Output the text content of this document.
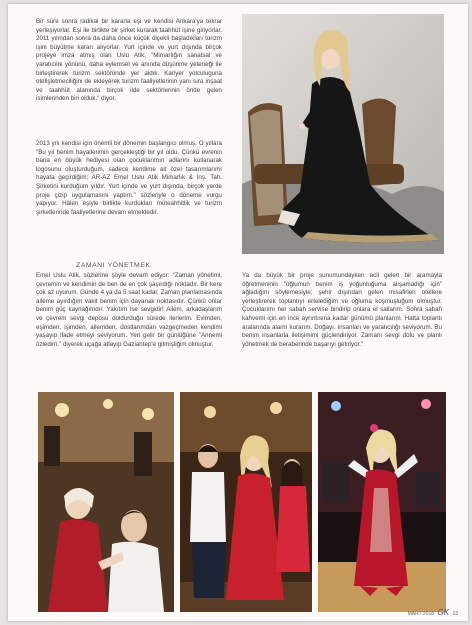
Bir süre sonra radikal bir kararla eşi ve kendisi Ankara'ya tekrar yerleşiyorlar. Eşi ile birlikte bir şirket kurarak taahhüt işine giriyorlar. 2011 yılından sonra da daha önce küçük ölçekli başladıkları turizm işini büyütme kararı alıyorlar. Yurt içinde ve yurt dışında birçok projeye imza atmış olan Uslu Atik, "Mimarlığın sanatsal ve yaratıcılık yönünü, daha eylemsel ve anında düşünme yeteneği ile birleştirerek turizm sektöründe yer aldık. Kariyer yolculuguna otelişletmeciliğini de ekleyerek turizm faaliyetlerinin yanı sıra inşaat ve taahhüt alanında birçok ilde sektörlerinin önde gelen isimlerinden biri olduk." diyor.

2013 yılı kendisi için önemli bir dönemin başlangıcı olmuş. O yıllara "Bu yıl benim hayallerimin gerçekleştiği bir yıl oldu. Çünkü evrenin bana en büyük hediyesi olan çocuklarımın adlarını kullanarak logosunu oluşturduğum, sadece kendime ait özel tasarımlarımı hayata geçirdiğim; AR-AZ Emel Uslu Atik Mimarlık & İnş. Tah. Şirketini kurduğum yıldır. Yurt içinde ve yurt dışında, birçok yerde proje çizip uygulamasını yaptım." sözleriyle o döneme vurgu yapıyor. Hâlen eşiyle birlikte kurdukları müteahhitlik ve turizm şirketlerinde faaliyetlerine devam etmektedir.

ZAMANI YÖNETMEK

Emel Uslu Atik, sözlerine şöyle devam ediyor: "Zaman yönetimi, çevremin ve kendimin de ben de en çok şaşırdığı noktadır. Bir kere çok az uyurum. Günde 4 ya da 5 saat kadar. Zaman planlamasında aileme ayırdığım vakit benim için dayanak noktasıdır. Çünkü onlar benim güç kaynağımdır. Yakıtım ise sevgidir! Ailem, arkadaşlarım ve çevrem sevgi deposu doldurduğu sürede ilerlerim. Evimden, eşimden, işimden, ailemden, dostlarımdan vazgeçmeden kendimi yaşayıp ifade etmeyi seviyorum. Yeri gelir bir günlüğüne "Annemi özledim." diyerek uçağa atlayıp Gaziantep'e gitmişliğim olmuştur.

Ya da büyük bir proje sunumundayken acil gelen bir aramayla öğretmeninin "oğlumun benim iş yoğunluğuma alışamadığı için" ağladığını söylemesiyle; şehir dışından gelen misafirleri otellere yerleştirerek toplantıyı ertelediğim ve oğluma koşmuşluğum olmuştur. Çocuklarımı her sabah servise bindirip onlara el sallarım. Sonra sabah kahvemi için en ince ayrıntısına kadar günümü planlarım. Hatta toplantı aralarında alarm kurarım. Doğayı, insanları ve yaratıcılığı seviyorum. Bu benim insanlarla iletişimimi güçlendiriyor. Zamanı sevgi dolu ve planlı yönetmek de beraberinde başarıyı getiriyor."

MART 2018 GK 13
